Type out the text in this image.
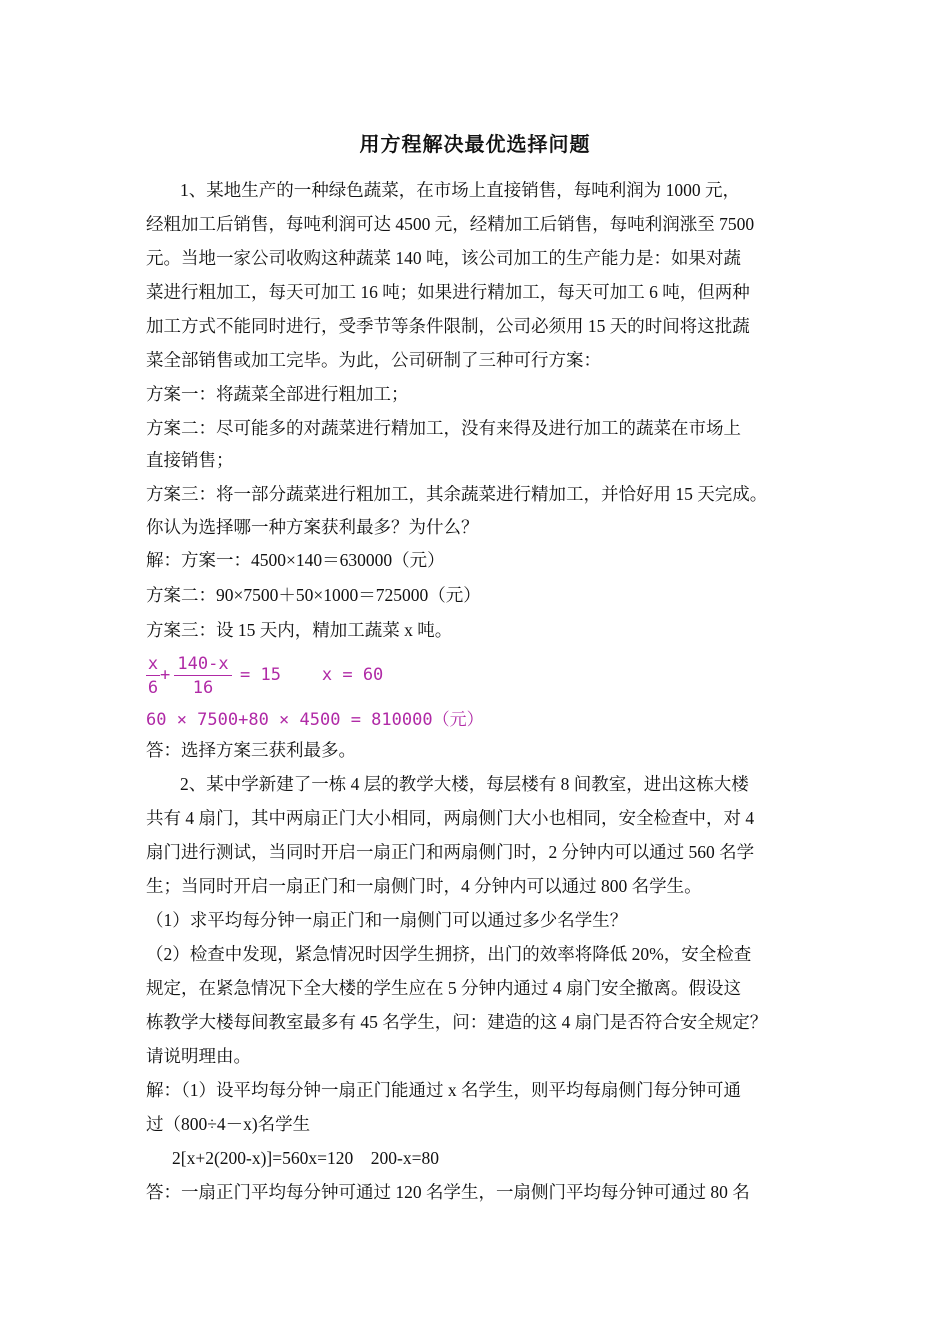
用方程解决最优选择问题
1、某地生产的一种绿色蔬菜，在市场上直接销售，每吨利润为 1000 元，
经粗加工后销售，每吨利润可达 4500 元，经精加工后销售，每吨利润涨至 7500
元。当地一家公司收购这种蔬菜 140 吨，该公司加工的生产能力是：如果对蔬
菜进行粗加工，每天可加工 16 吨；如果进行精加工，每天可加工 6 吨，但两种
加工方式不能同时进行，受季节等条件限制，公司必须用 15 天的时间将这批蔬
菜全部销售或加工完毕。为此，公司研制了三种可行方案：
方案一：将蔬菜全部进行粗加工；
方案二：尽可能多的对蔬菜进行精加工，没有来得及进行加工的蔬菜在市场上
直接销售；
方案三：将一部分蔬菜进行粗加工，其余蔬菜进行精加工，并恰好用 15 天完成。
你认为选择哪一种方案获利最多？为什么？
解：方案一：4500×140＝630000（元）
方案二：90×7500＋50×1000＝725000（元）
方案三：设 15 天内，精加工蔬菜 x 吨。
$\frac{x}{6} + \frac{140-x}{16} = 15$    x = 60
60 × 7500+80 × 4500 = 810000（元）
答：选择方案三获利最多。
2、某中学新建了一栋 4 层的教学大楼，每层楼有 8 间教室，进出这栋大楼
共有 4 扇门，其中两扇正门大小相同，两扇侧门大小也相同，安全检查中，对 4
扇门进行测试，当同时开启一扇正门和两扇侧门时，2 分钟内可以通过 560 名学
生；当同时开启一扇正门和一扇侧门时，4 分钟内可以通过 800 名学生。
（1）求平均每分钟一扇正门和一扇侧门可以通过多少名学生？
（2）检查中发现，紧急情况时因学生拥挤，出门的效率将降低 20%，安全检查
规定，在紧急情况下全大楼的学生应在 5 分钟内通过 4 扇门安全撤离。假设这
栋教学大楼每间教室最多有 45 名学生，问：建造的这 4 扇门是否符合安全规定？
请说明理由。
解：（1）设平均每分钟一扇正门能通过 x 名学生，则平均每扇侧门每分钟可通
过（800÷4－x)名学生
2[x+2(200-x)]=560x=120    200-x=80
答：一扇正门平均每分钟可通过 120 名学生，一扇侧门平均每分钟可通过 80 名
